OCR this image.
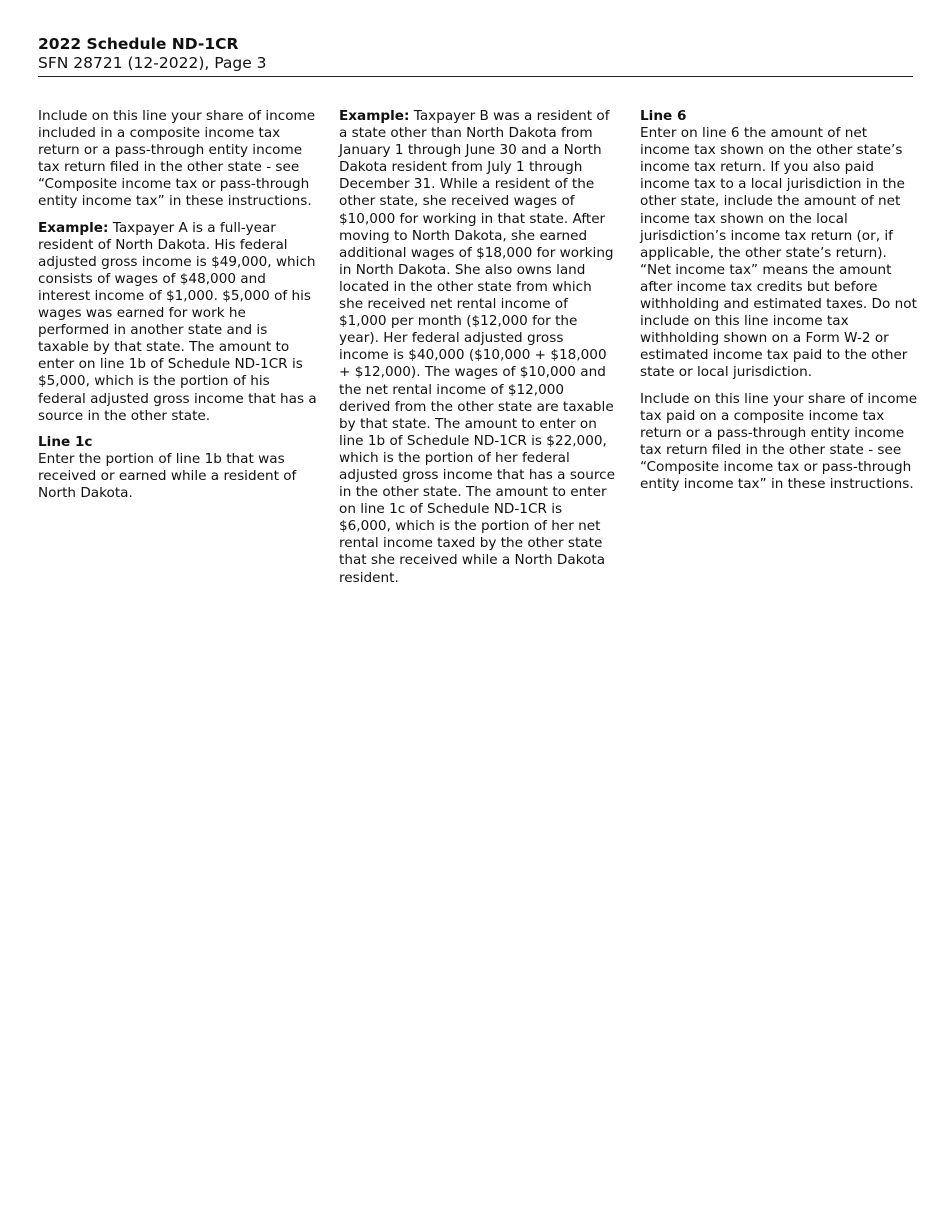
2022 Schedule ND-1CR
SFN 28721 (12-2022), Page 3

Include on this line your share of income included in a composite income tax return or a pass-through entity income tax return filed in the other state - see “Composite income tax or pass-through entity income tax” in these instructions.

Example: Taxpayer A is a full-year resident of North Dakota. His federal adjusted gross income is $49,000, which consists of wages of $48,000 and interest income of $1,000. $5,000 of his wages was earned for work he performed in another state and is taxable by that state. The amount to enter on line 1b of Schedule ND-1CR is $5,000, which is the portion of his federal adjusted gross income that has a source in the other state.

Line 1c
Enter the portion of line 1b that was received or earned while a resident of North Dakota.

Example: Taxpayer B was a resident of a state other than North Dakota from January 1 through June 30 and a North Dakota resident from July 1 through December 31. While a resident of the other state, she received wages of $10,000 for working in that state. After moving to North Dakota, she earned additional wages of $18,000 for working in North Dakota. She also owns land located in the other state from which she received net rental income of $1,000 per month ($12,000 for the year). Her federal adjusted gross income is $40,000 ($10,000 + $18,000 + $12,000). The wages of $10,000 and the net rental income of $12,000 derived from the other state are taxable by that state. The amount to enter on line 1b of Schedule ND-1CR is $22,000, which is the portion of her federal adjusted gross income that has a source in the other state. The amount to enter on line 1c of Schedule ND-1CR is $6,000, which is the portion of her net rental income taxed by the other state that she received while a North Dakota resident.

Line 6
Enter on line 6 the amount of net income tax shown on the other state’s income tax return. If you also paid income tax to a local jurisdiction in the other state, include the amount of net income tax shown on the local jurisdiction’s income tax return (or, if applicable, the other state’s return). “Net income tax” means the amount after income tax credits but before withholding and estimated taxes. Do not include on this line income tax withholding shown on a Form W-2 or estimated income tax paid to the other state or local jurisdiction.

Include on this line your share of income tax paid on a composite income tax return or a pass-through entity income tax return filed in the other state - see “Composite income tax or pass-through entity income tax” in these instructions.
